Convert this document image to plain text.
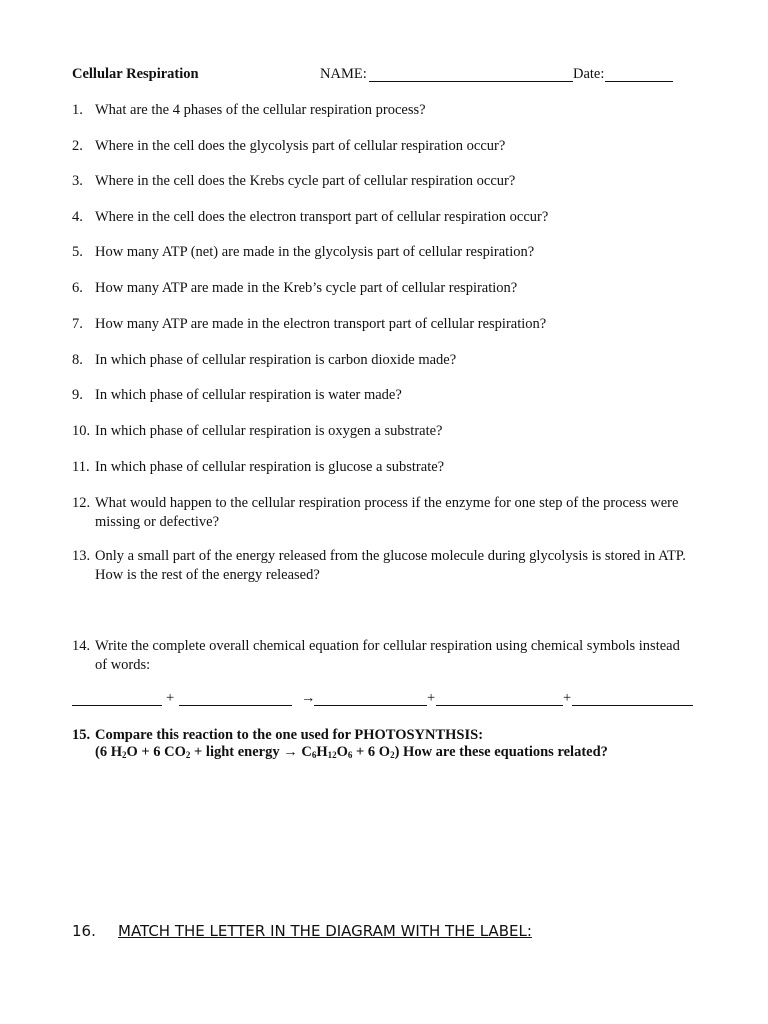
Cellular Respiration	NAME:	Date:
1. What are the 4 phases of the cellular respiration process?
2. Where in the cell does the glycolysis part of cellular respiration occur?
3. Where in the cell does the Krebs cycle part of cellular respiration occur?
4. Where in the cell does the electron transport part of cellular respiration occur?
5. How many ATP (net) are made in the glycolysis part of cellular respiration?
6. How many ATP are made in the Kreb’s cycle part of cellular respiration?
7. How many ATP are made in the electron transport part of cellular respiration?
8. In which phase of cellular respiration is carbon dioxide made?
9. In which phase of cellular respiration is water made?
10. In which phase of cellular respiration is oxygen a substrate?
11. In which phase of cellular respiration is glucose a substrate?
12. What would happen to the cellular respiration process if the enzyme for one step of the process were missing or defective?
13. Only a small part of the energy released from the glucose molecule during glycolysis is stored in ATP. How is the rest of the energy released?
14. Write the complete overall chemical equation for cellular respiration using chemical symbols instead of words:
+	→	+	+
15. Compare this reaction to the one used for PHOTOSYNTHSIS:
(6 $H_2O + 6$ $CO_2$ + light energy → $C_6H_{12}O_6 + 6$ $O_2$) How are these equations related?
16. MATCH THE LETTER IN THE DIAGRAM WITH THE LABEL:
